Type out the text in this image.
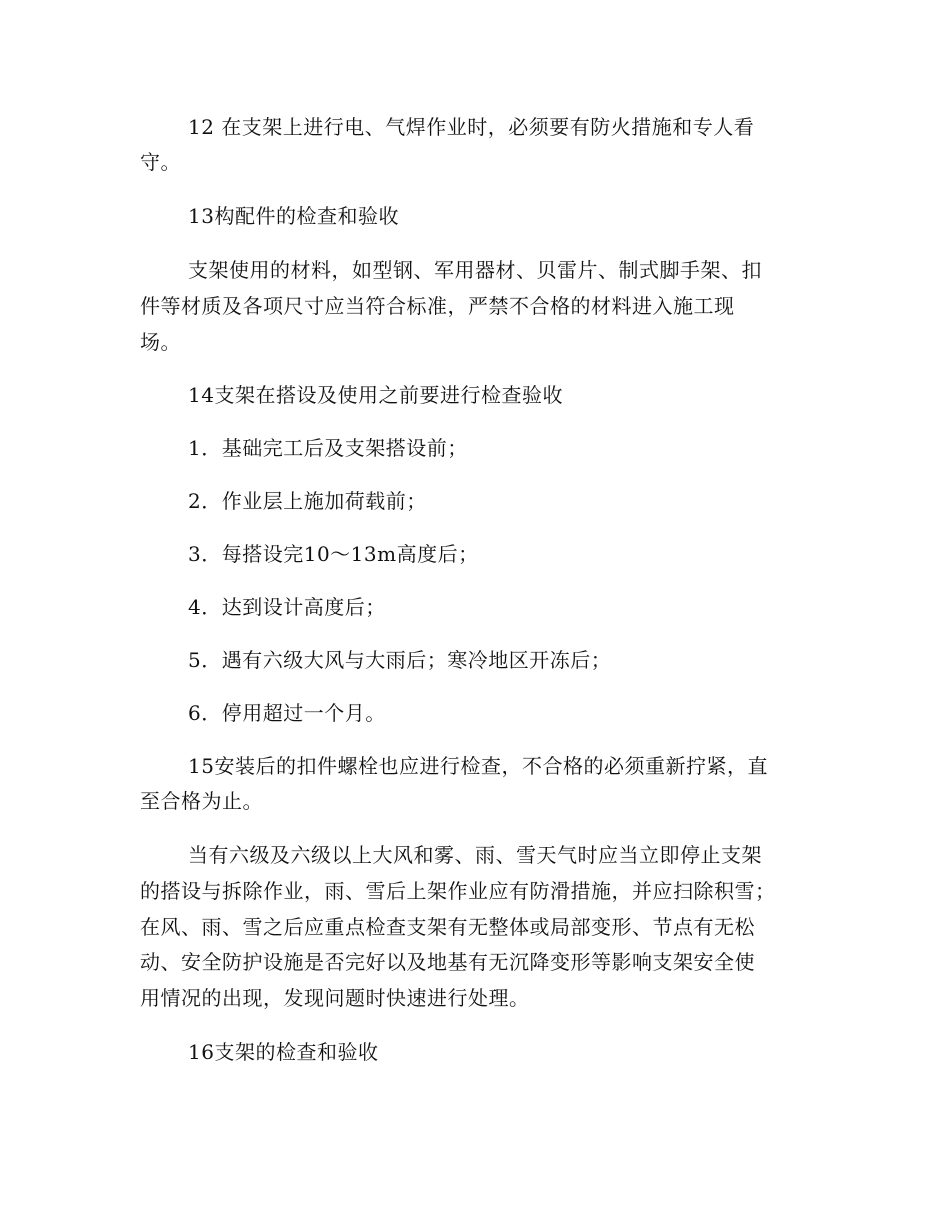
12 在支架上进行电、气焊作业时，必须要有防火措施和专人看
守。
13构配件的检查和验收
支架使用的材料，如型钢、军用器材、贝雷片、制式脚手架、扣
件等材质及各项尺寸应当符合标准，严禁不合格的材料进入施工现
场。
14支架在搭设及使用之前要进行检查验收
1．基础完工后及支架搭设前；
2．作业层上施加荷载前；
3．每搭设完10～13m高度后；
4．达到设计高度后；
5．遇有六级大风与大雨后；寒冷地区开冻后；
6．停用超过一个月。
15安装后的扣件螺栓也应进行检查，不合格的必须重新拧紧，直
至合格为止。
当有六级及六级以上大风和雾、雨、雪天气时应当立即停止支架
的搭设与拆除作业，雨、雪后上架作业应有防滑措施，并应扫除积雪；
在风、雨、雪之后应重点检查支架有无整体或局部变形、节点有无松
动、安全防护设施是否完好以及地基有无沉降变形等影响支架安全使
用情况的出现，发现问题时快速进行处理。
16支架的检查和验收
